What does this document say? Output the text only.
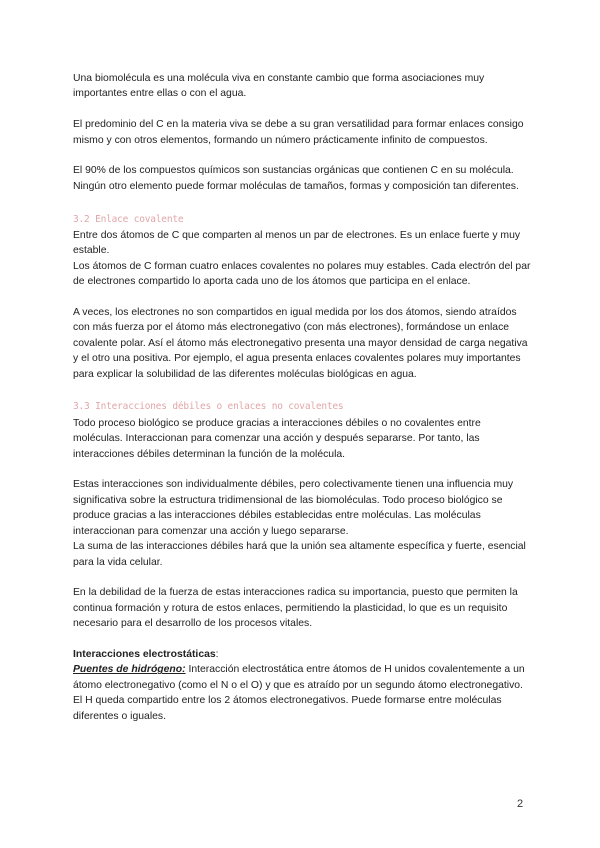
Una biomolécula es una molécula viva en constante cambio que forma asociaciones muy importantes entre ellas o con el agua.

El predominio del C en la materia viva se debe a su gran versatilidad para formar enlaces consigo mismo y con otros elementos, formando un número prácticamente infinito de compuestos.

El 90% de los compuestos químicos son sustancias orgánicas que contienen C en su molécula. Ningún otro elemento puede formar moléculas de tamaños, formas y composición tan diferentes.

3.2 Enlace covalente

Entre dos átomos de C que comparten al menos un par de electrones. Es un enlace fuerte y muy estable.

Los átomos de C forman cuatro enlaces covalentes no polares muy estables. Cada electrón del par de electrones compartido lo aporta cada uno de los átomos que participa en el enlace.

A veces, los electrones no son compartidos en igual medida por los dos átomos, siendo atraídos con más fuerza por el átomo más electronegativo (con más electrones), formándose un enlace covalente polar. Así el átomo más electronegativo presenta una mayor densidad de carga negativa y el otro una positiva. Por ejemplo, el agua presenta enlaces covalentes polares muy importantes para explicar la solubilidad de las diferentes moléculas biológicas en agua.

3.3 Interacciones débiles o enlaces no covalentes

Todo proceso biológico se produce gracias a interacciones débiles o no covalentes entre moléculas. Interaccionan para comenzar una acción y después separarse. Por tanto, las interacciones débiles determinan la función de la molécula.

Estas interacciones son individualmente débiles, pero colectivamente tienen una influencia muy significativa sobre la estructura tridimensional de las biomoléculas. Todo proceso biológico se produce gracias a las interacciones débiles establecidas entre moléculas. Las moléculas interaccionan para comenzar una acción y luego separarse.

La suma de las interacciones débiles hará que la unión sea altamente específica y fuerte, esencial para la vida celular.

En la debilidad de la fuerza de estas interacciones radica su importancia, puesto que permiten la continua formación y rotura de estos enlaces, permitiendo la plasticidad, lo que es un requisito necesario para el desarrollo de los procesos vitales.

Interacciones electrostáticas:

Puentes de hidrógeno: Interacción electrostática entre átomos de H unidos covalentemente a un átomo electronegativo (como el N o el O) y que es atraído por un segundo átomo electronegativo. El H queda compartido entre los 2 átomos electronegativos. Puede formarse entre moléculas diferentes o iguales.

2
